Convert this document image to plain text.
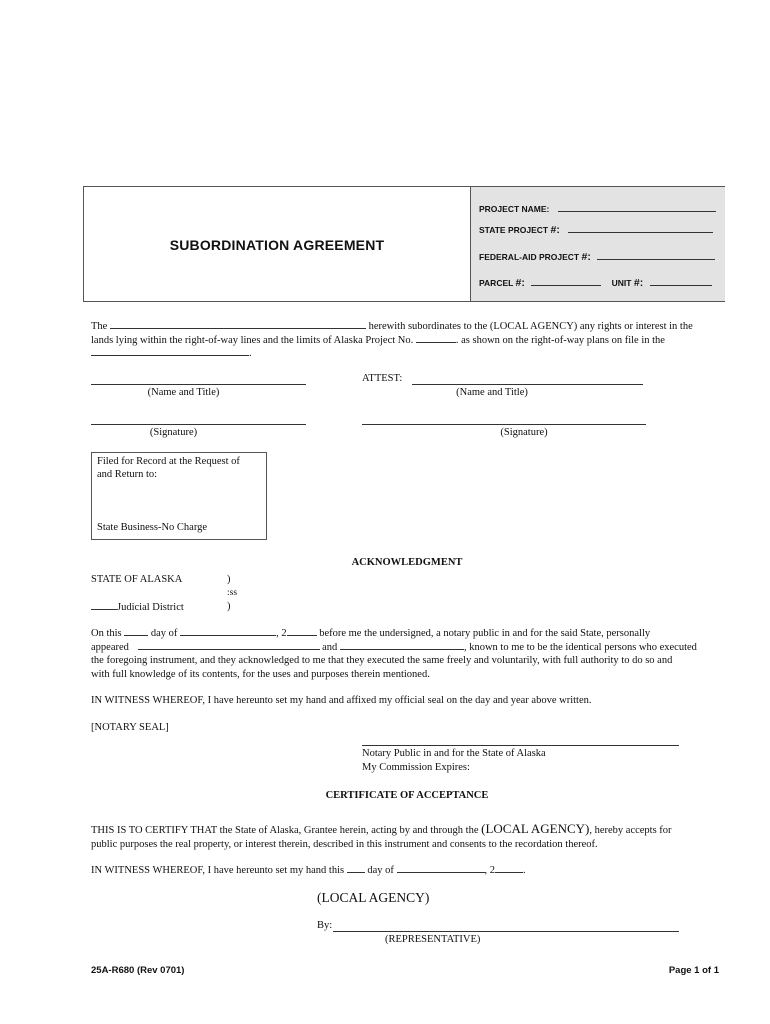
SUBORDINATION AGREEMENT
PROJECT NAME:
STATE PROJECT #:
FEDERAL-AID PROJECT #:
PARCEL #:	UNIT #:
The	herewith subordinates to the (LOCAL AGENCY) any rights or interest in the
lands lying within the right-of-way lines and the limits of Alaska Project No.	. as shown on the right-of-way plans on file in the
.
(Name and Title)
ATTEST:
(Name and Title)
(Signature)	(Signature)
Filed for Record at the Request of
and Return to:
State Business-No Charge
ACKNOWLEDGMENT
STATE OF ALASKA	)
:ss
Judicial District	)
On this	day of	, 2	before me the undersigned, a notary public in and for the said State, personally
appeared	and	, known to me to be the identical persons who executed
the foregoing instrument, and they acknowledged to me that they executed the same freely and voluntarily, with full authority to do so and
with full knowledge of its contents, for the uses and purposes therein mentioned.
IN WITNESS WHEREOF, I have hereunto set my hand and affixed my official seal on the day and year above written.
[NOTARY SEAL]
Notary Public in and for the State of Alaska
My Commission Expires:
CERTIFICATE OF ACCEPTANCE
THIS IS TO CERTIFY THAT the State of Alaska, Grantee herein, acting by and through the (LOCAL AGENCY), hereby accepts for
public purposes the real property, or interest therein, described in this instrument and consents to the recordation thereof.
IN WITNESS WHEREOF, I have hereunto set my hand this day of	, 2	.
(LOCAL AGENCY)
By:
(REPRESENTATIVE)
25A-R680 (Rev 0701)	Page 1 of 1
